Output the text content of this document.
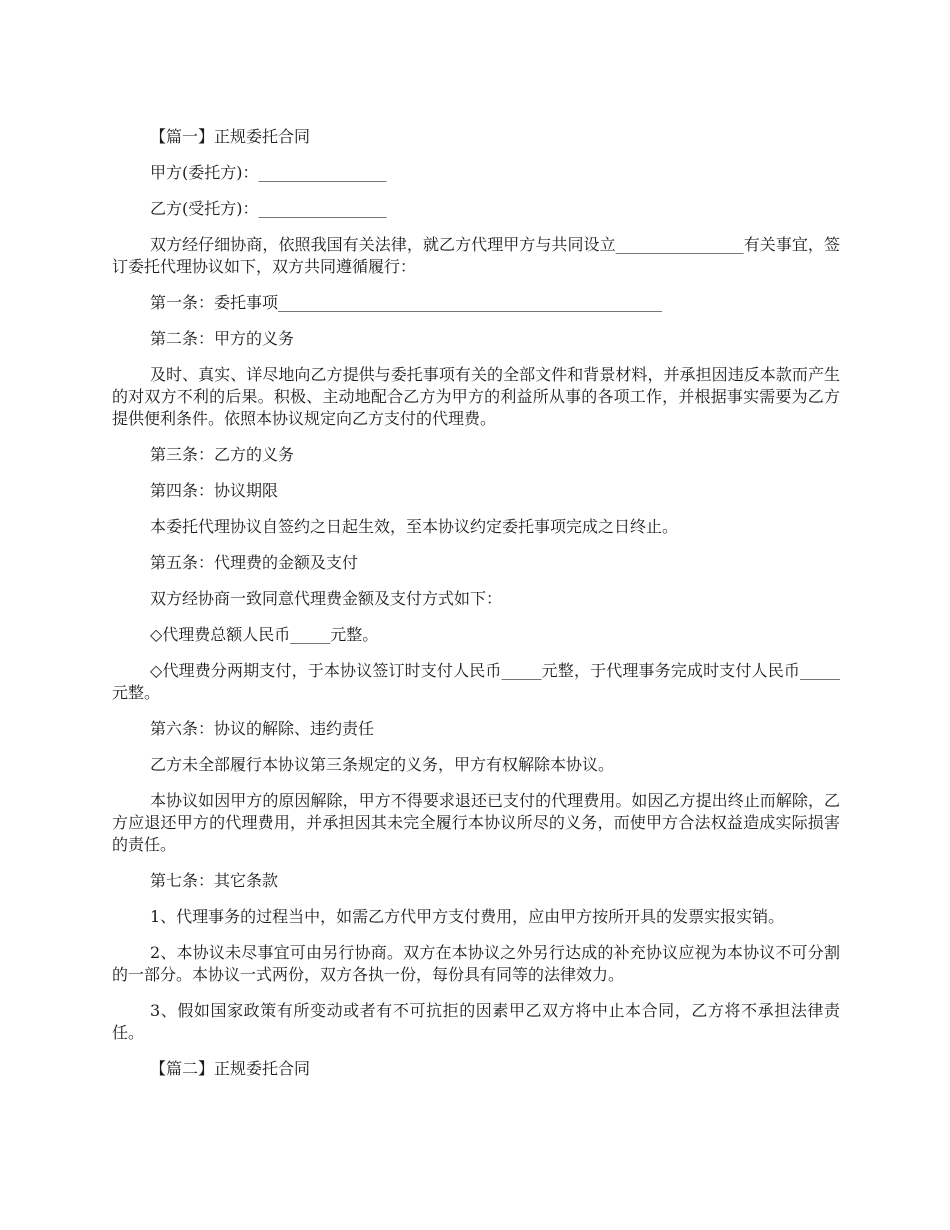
【篇一】正规委托合同

甲方(委托方)：________________

乙方(受托方)：________________

双方经仔细协商，依照我国有关法律，就乙方代理甲方与共同设立________________有关事宜，签订委托代理协议如下，双方共同遵循履行：

第一条：委托事项________________________________________________

第二条：甲方的义务

及时、真实、详尽地向乙方提供与委托事项有关的全部文件和背景材料，并承担因违反本款而产生的对双方不利的后果。积极、主动地配合乙方为甲方的利益所从事的各项工作，并根据事实需要为乙方提供便利条件。依照本协议规定向乙方支付的代理费。

第三条：乙方的义务

第四条：协议期限

本委托代理协议自签约之日起生效，至本协议约定委托事项完成之日终止。

第五条：代理费的金额及支付

双方经协商一致同意代理费金额及支付方式如下：

◇代理费总额人民币_____元整。

◇代理费分两期支付，于本协议签订时支付人民币_____元整，于代理事务完成时支付人民币_____元整。

第六条：协议的解除、违约责任

乙方未全部履行本协议第三条规定的义务，甲方有权解除本协议。

本协议如因甲方的原因解除，甲方不得要求退还已支付的代理费用。如因乙方提出终止而解除，乙方应退还甲方的代理费用，并承担因其未完全履行本协议所尽的义务，而使甲方合法权益造成实际损害的责任。

第七条：其它条款

1、代理事务的过程当中，如需乙方代甲方支付费用，应由甲方按所开具的发票实报实销。

2、本协议未尽事宜可由另行协商。双方在本协议之外另行达成的补充协议应视为本协议不可分割的一部分。本协议一式两份，双方各执一份，每份具有同等的法律效力。

3、假如国家政策有所变动或者有不可抗拒的因素甲乙双方将中止本合同，乙方将不承担法律责任。

【篇二】正规委托合同
